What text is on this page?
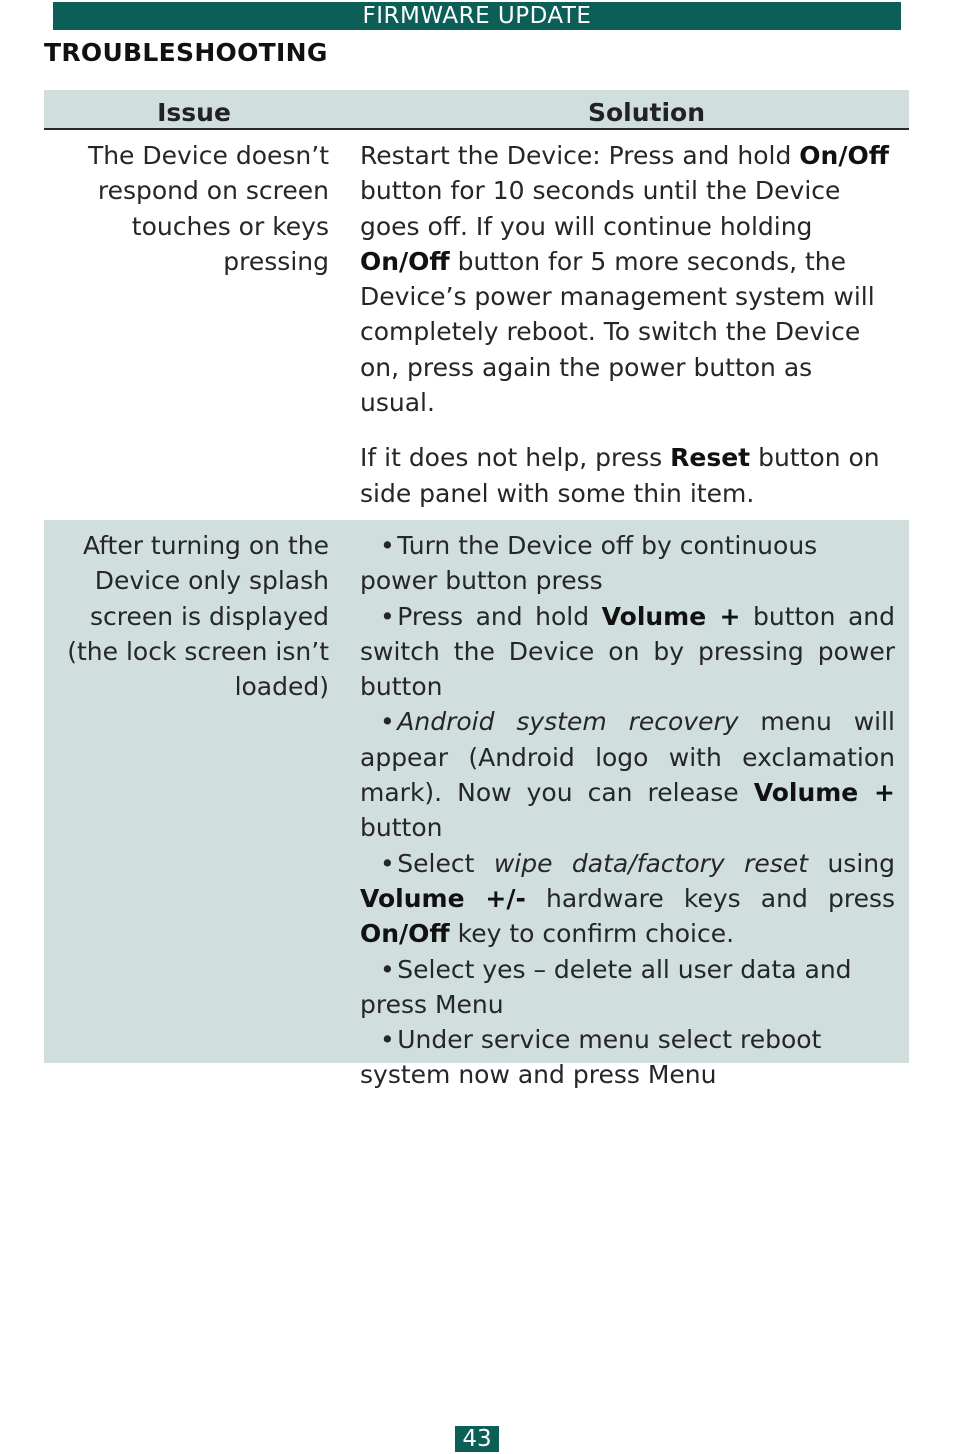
FIRMWARE UPDATE
TROUBLESHOOTING
Issue	Solution
The Device doesn’t respond on screen touches or keys pressing

Restart the Device: Press and hold On/Off button for 10 seconds until the Device goes off. If you will continue holding On/Off button for 5 more seconds, the Device’s power management system will completely reboot. To switch the Device on, press again the power button as usual.

If it does not help, press Reset button on side panel with some thin item.

After turning on the Device only splash screen is displayed (the lock screen isn’t loaded)

• Turn the Device off by continuous power button press

• Press and hold Volume + button and switch the Device on by pressing power button

• Android system recovery menu will appear (Android logo with exclamation mark). Now you can release Volume + button

• Select wipe data/factory reset using Volume +/- hardware keys and press On/Off key to confirm choice.

• Select yes – delete all user data and press Menu

• Under service menu select reboot system now and press Menu

43
